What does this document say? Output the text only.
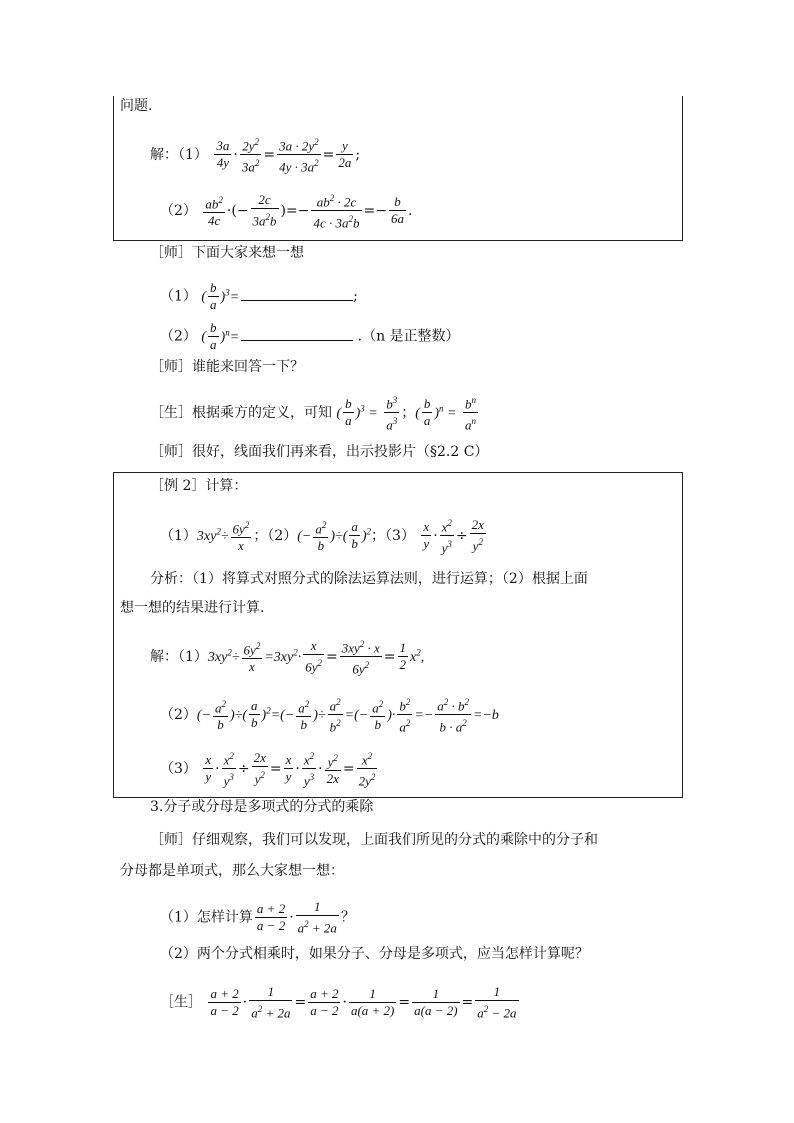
问题.
解：$(1) \frac{3a}{4y} \cdot \frac{2y^2}{3a^2} = \frac{3a \cdot 2y^2}{4y \cdot 3a^2} = \frac{y}{2a}$ ;
$(2) \frac{ab^2}{4c}$ ·(− $\frac{2c}{3a^2b}$ )=− $\frac{ab^2 \cdot 2c}{4c \cdot 3a^2b} =- \frac{b}{6a}$ .
［师］下面大家来想一想
（1） ( $\frac{b}{a} )^3=$	;
（2） ( $\frac{b}{a} )^n=$	.（n 是正整数）
［师］谁能来回答一下？
［生］根据乘方的定义，可知 ( $\frac{b}{a} )^3 = \frac{b^3}{a^3}$ ；( $\frac{b}{a} )^n = \frac{b^n}{a^n}$
［师］很好，线面我们再来看，出示投影片（§2.2 C）
［例 2］计算：
$(1)3xy^2\div \frac{6y^2}{x}$ ；$(2)(- \frac{a^2}{b}$ )÷( $\frac{a}{b} )^2$；$(3) \frac{x}{y} \cdot \frac{x^2}{y^3} \div \frac{2x}{y^2}$
分析：（1）将算式对照分式的除法运算法则，进行运算；（2）根据上面
想一想的结果进行计算.
解：$(1)3xy^2\div \frac{6y^2}{x} =3xy^2\cdot \frac{x}{6y^2} = \frac{3xy^2 \cdot x}{6y^2} = \frac{1}{2} x^2$,
$(2)(- \frac{a^2}{b}$ )÷( $\frac{a}{b} )^2=(- \frac{a^2}{b}$ )÷ $\frac{a^2}{b^2}$ =(− $\frac{a^2}{b}$ )· $\frac{b^2}{a^2} =- \frac{a^2 \cdot b^2}{b \cdot a^2} =-b$
$(3) \frac{x}{y} \cdot \frac{x^2}{y^3} \div \frac{2x}{y^2} = \frac{x}{y} \cdot \frac{x^2}{y^3} \cdot \frac{y^2}{2x} = \frac{x^2}{2y^2}$
3.分子或分母是多项式的分式的乘除
［师］仔细观察，我们可以发现，上面我们所见的分式的乘除中的分子和
分母都是单项式，那么大家想一想：
（1）怎样计算 $\frac{a + 2}{a - 2} \cdot \frac{1}{a^2 + 2a}$ ？
（2）两个分式相乘时，如果分子、分母是多项式，应当怎样计算呢？
［生］ $\frac{a + 2}{a - 2} \cdot \frac{1}{a^2 + 2a} = \frac{a + 2}{a - 2} \cdot \frac{1}{a(a + 2)} = \frac{1}{a(a - 2)} = \frac{1}{a^2 - 2a}$
